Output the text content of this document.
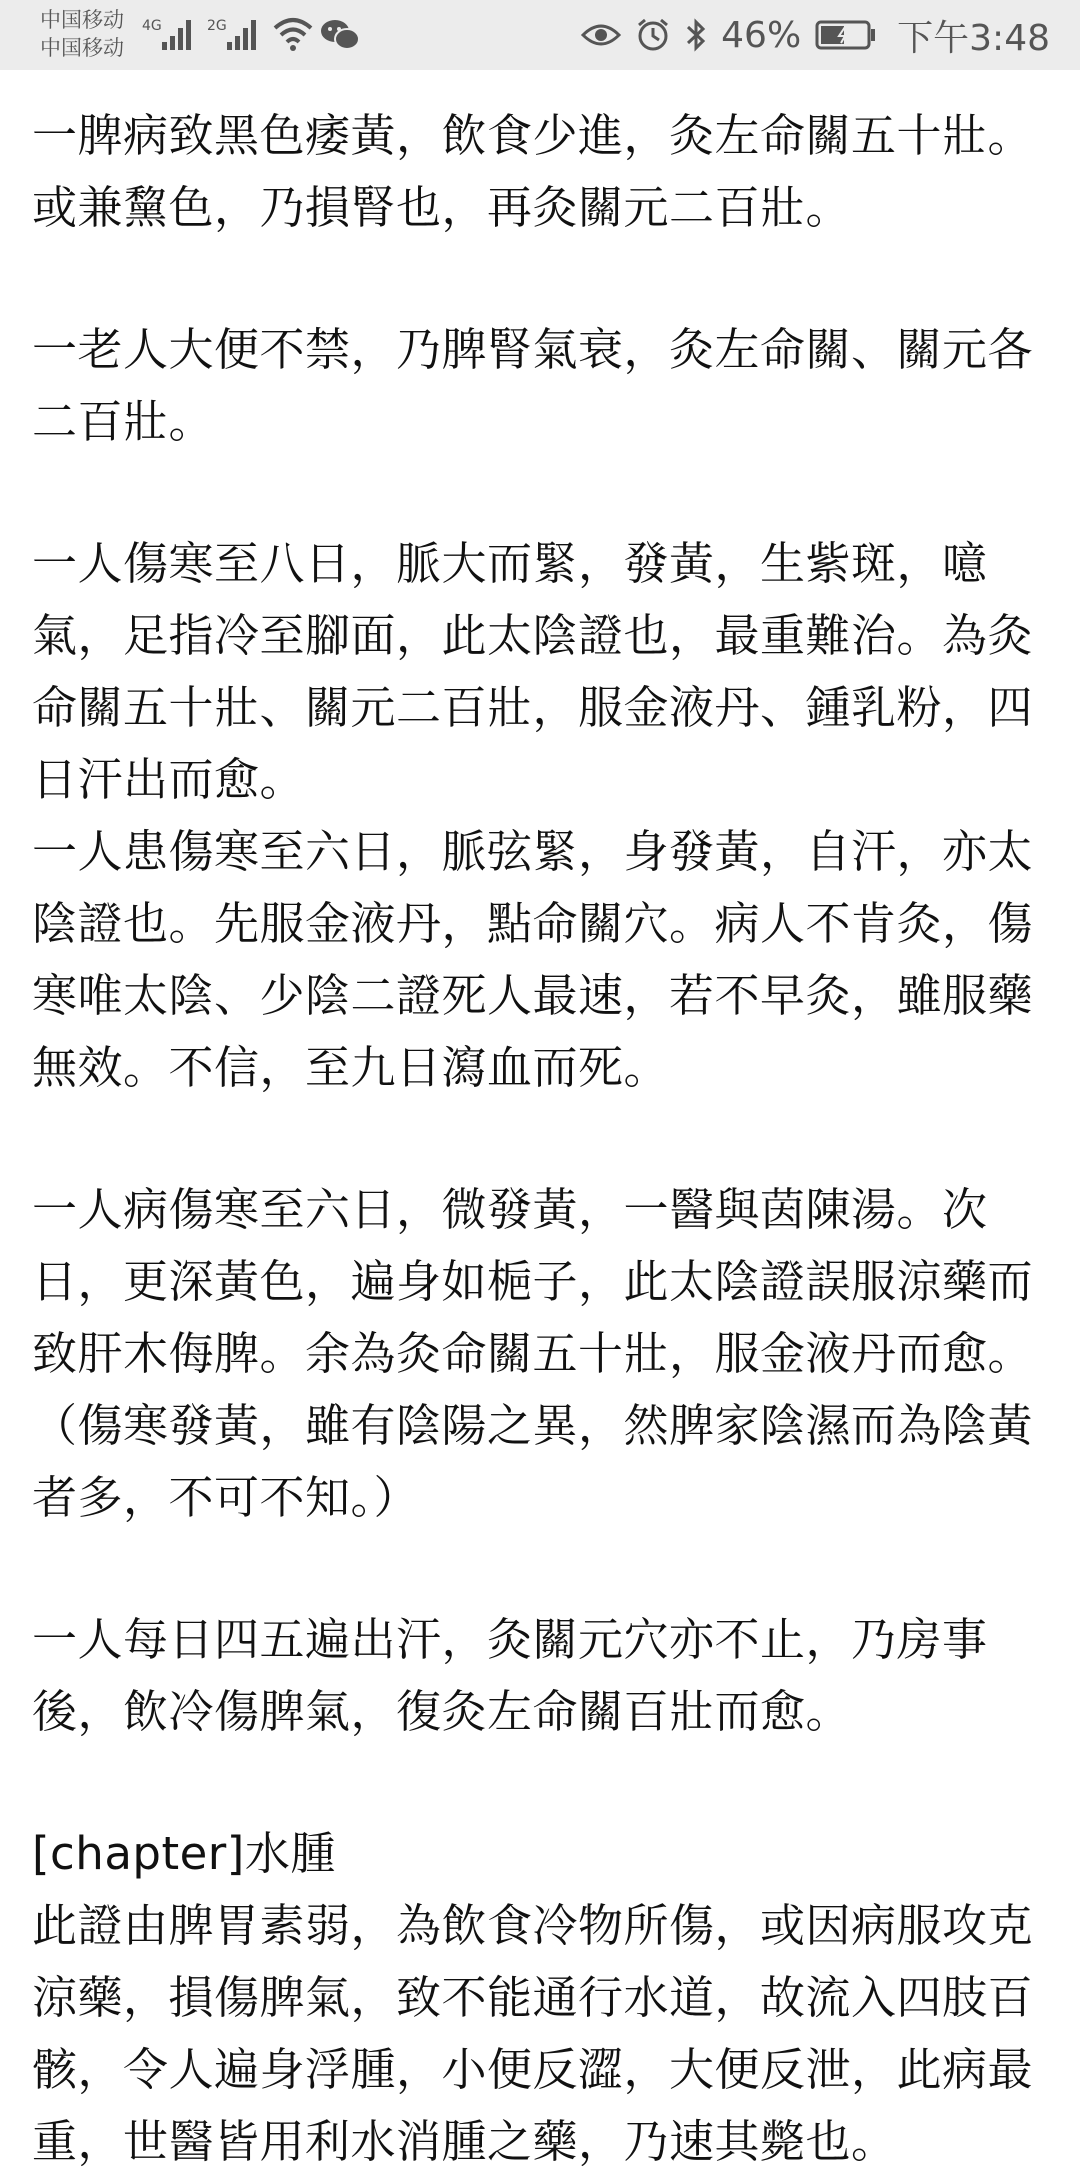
中国移动
中国移动
4G	2G	46%	下午3:48

一脾病致黑色痿黃，飲食少進，灸左命關五十壯。或兼黧色，乃損腎也，再灸關元二百壯。

一老人大便不禁，乃脾腎氣衰，灸左命關、關元各二百壯。

一人傷寒至八日，脈大而緊，發黃，生紫斑，噫氣，足指冷至腳面，此太陰證也，最重難治。為灸命關五十壯、關元二百壯，服金液丹、鍾乳粉，四日汗出而愈。

一人患傷寒至六日，脈弦緊，身發黃，自汗，亦太陰證也。先服金液丹，點命關穴。病人不肯灸，傷寒唯太陰、少陰二證死人最速，若不早灸，雖服藥無效。不信，至九日瀉血而死。

一人病傷寒至六日，微發黃，一醫與茵陳湯。次日，更深黃色，遍身如梔子，此太陰證誤服涼藥而致肝木侮脾。余為灸命關五十壯，服金液丹而愈。（傷寒發黃，雖有陰陽之異，然脾家陰濕而為陰黃者多，不可不知。）

一人每日四五遍出汗，灸關元穴亦不止，乃房事後，飲冷傷脾氣，復灸左命關百壯而愈。

[chapter]水腫

此證由脾胃素弱，為飲食冷物所傷，或因病服攻克涼藥，損傷脾氣，致不能通行水道，故流入四肢百骸，令人遍身浮腫，小便反澀，大便反泄，此病最重，世醫皆用利水消腫之藥，乃速其斃也。
